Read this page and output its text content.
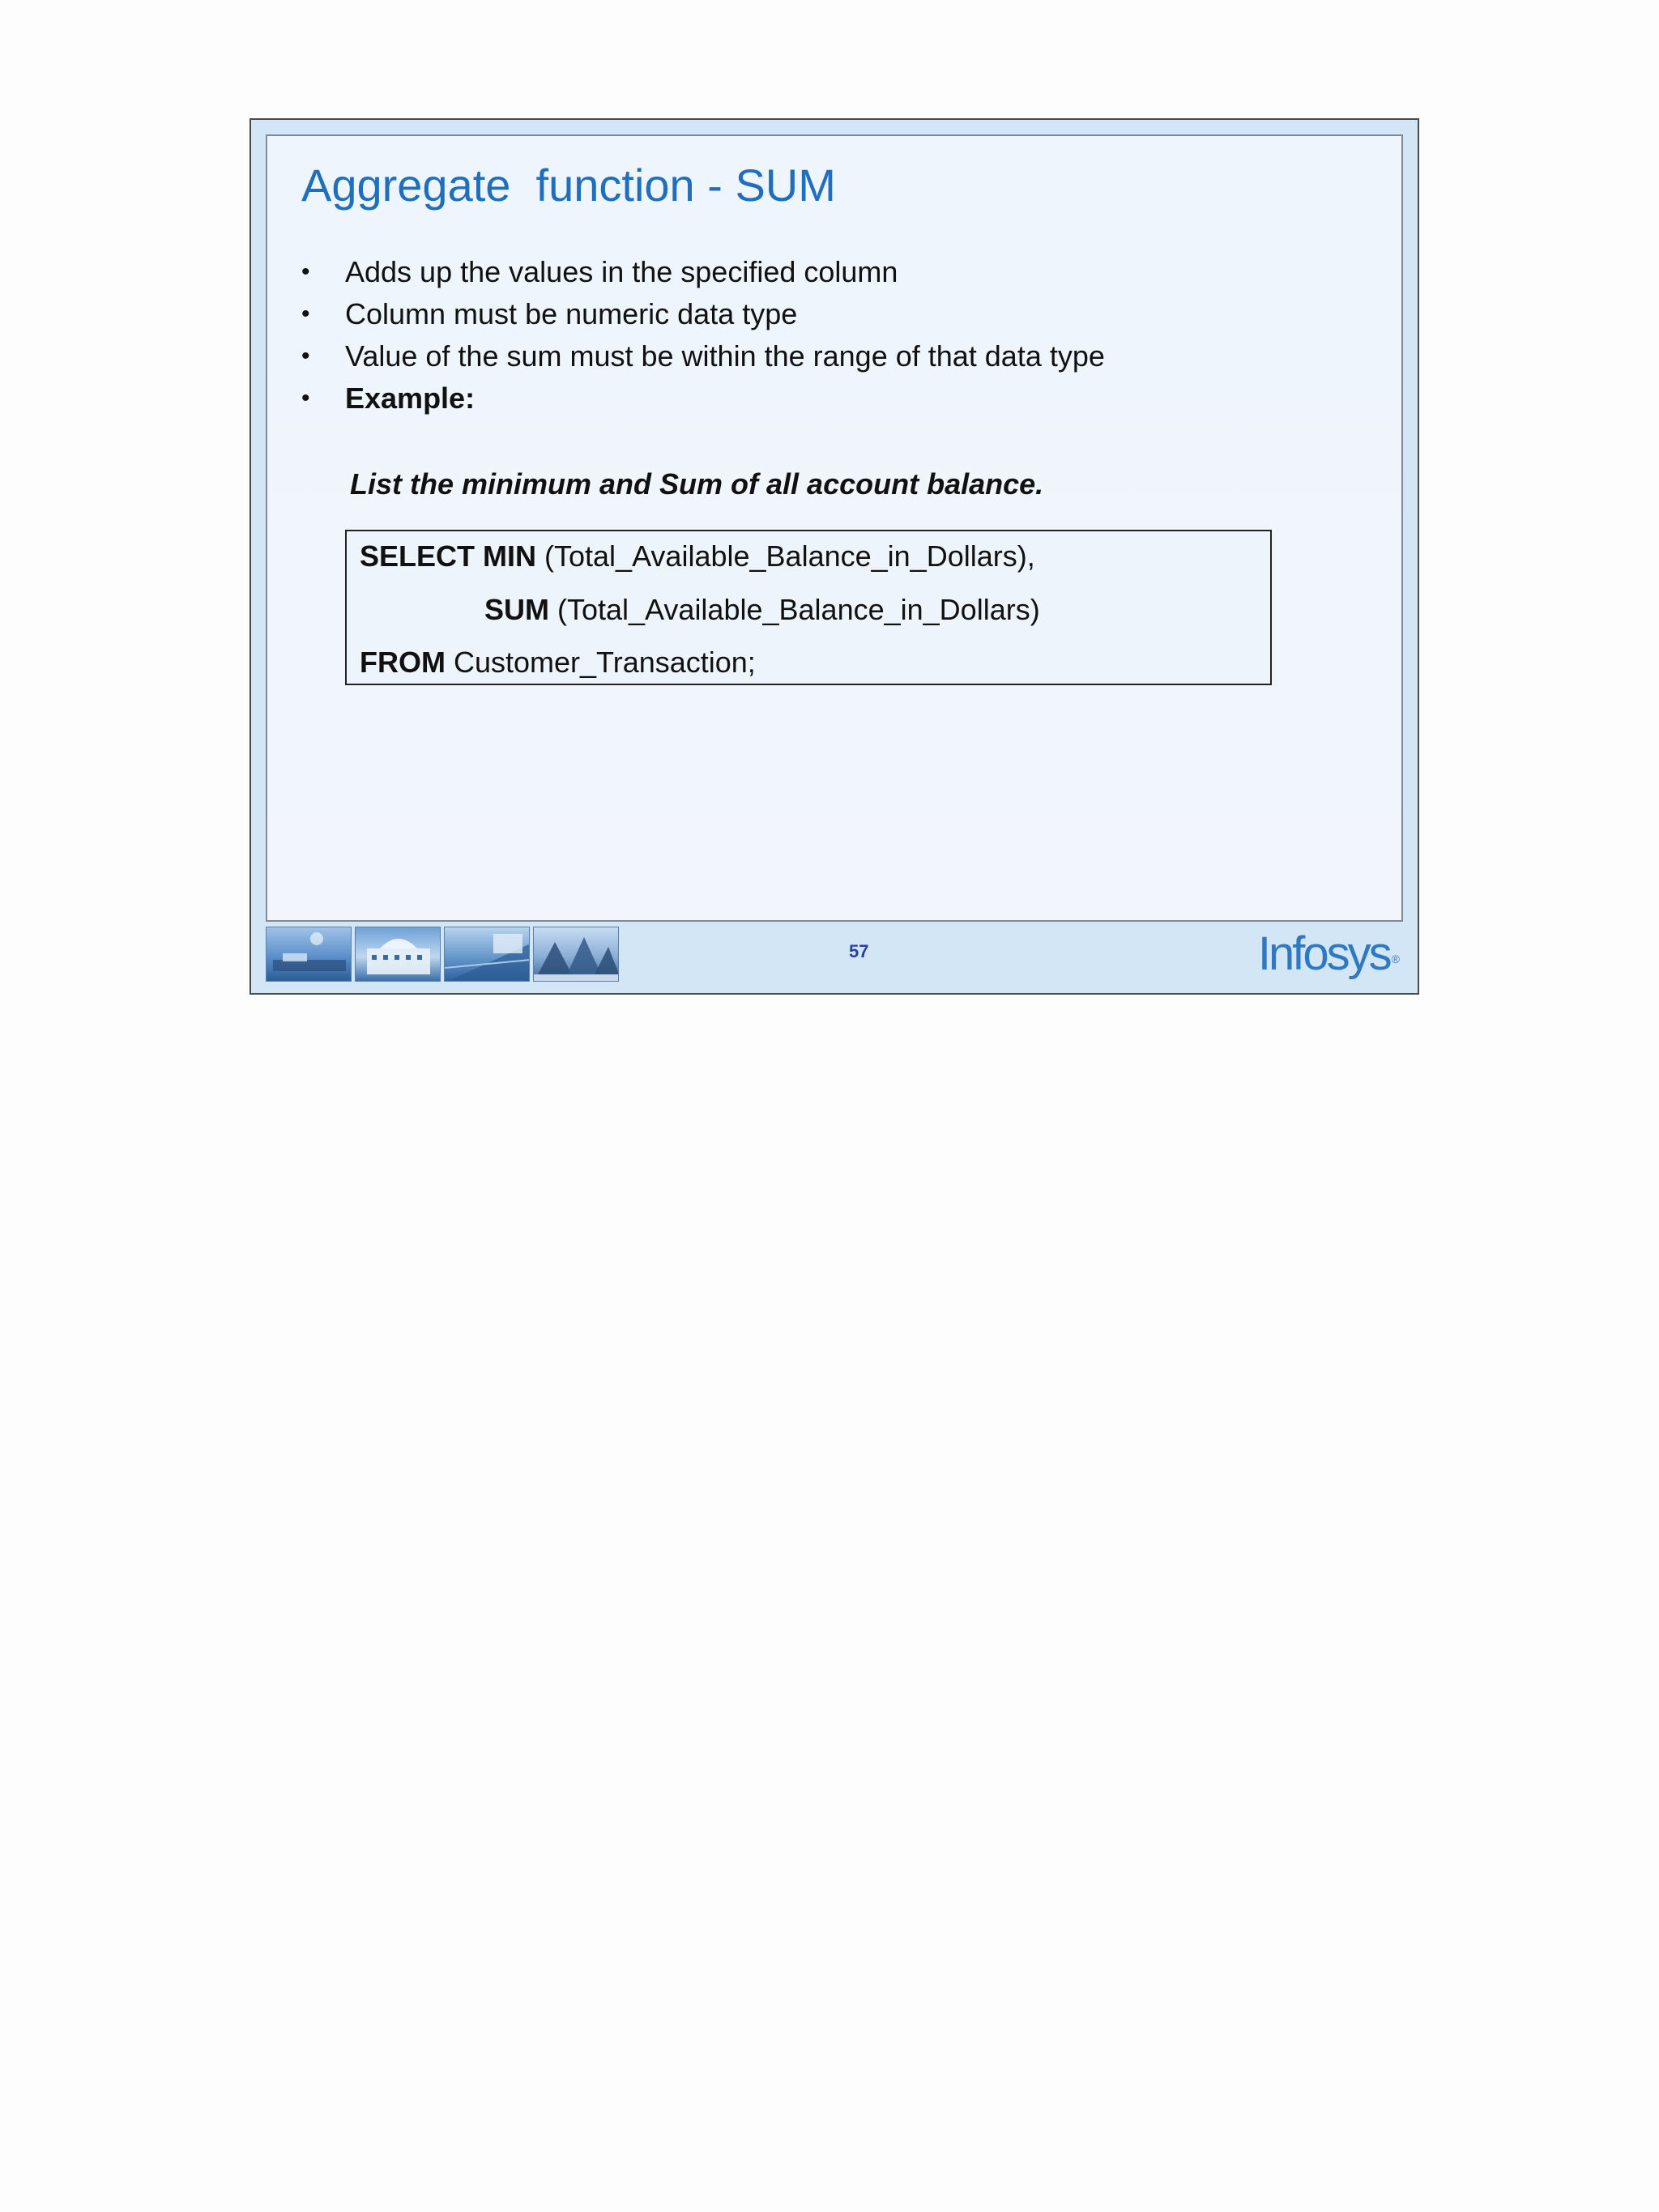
Aggregate  function - SUM
• Adds up the values in the specified column
• Column must be numeric data type
• Value of the sum must be within the range of that data type
• Example:

List the minimum and Sum of all account balance.

SELECT MIN (Total_Available_Balance_in_Dollars),
SUM (Total_Available_Balance_in_Dollars)
FROM Customer_Transaction;
57	Infosys ®
